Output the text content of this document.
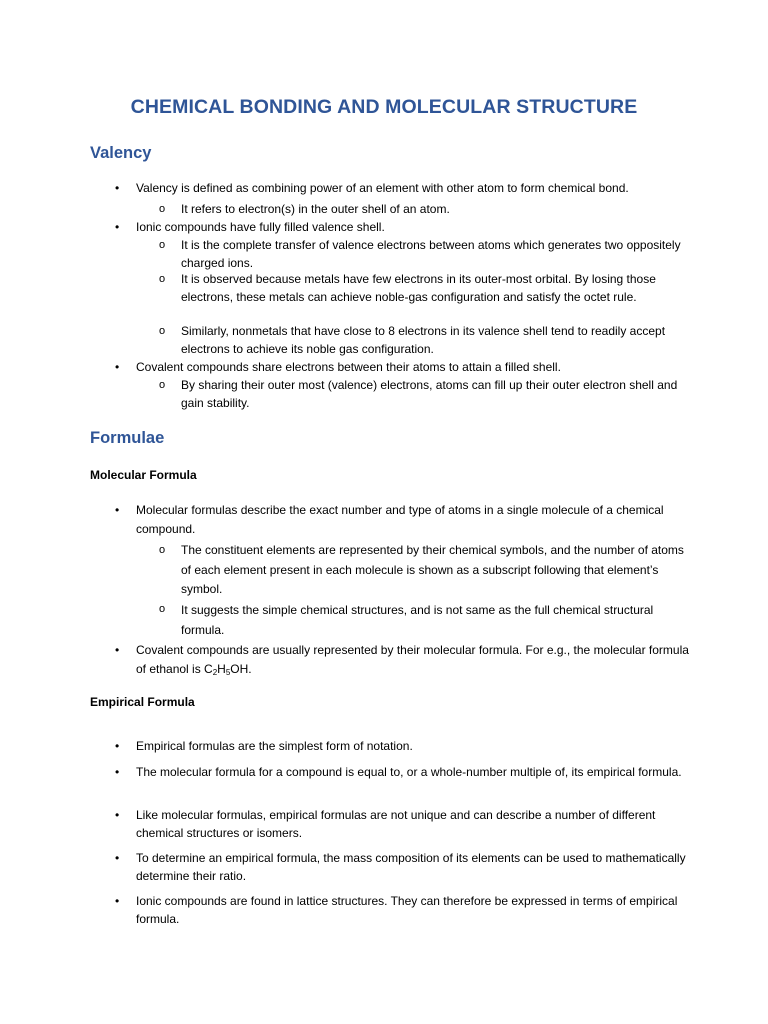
CHEMICAL BONDING AND MOLECULAR STRUCTURE
Valency
• Valency is defined as combining power of an element with other atom to form chemical bond.

o It refers to electron(s) in the outer shell of an atom.

• Ionic compounds have fully filled valence shell.

o It is the complete transfer of valence electrons between atoms which generates two oppositely charged ions.

o It is observed because metals have few electrons in its outer-most orbital. By losing those electrons, these metals can achieve noble-gas configuration and satisfy the octet rule.

o Similarly, nonmetals that have close to 8 electrons in its valence shell tend to readily accept electrons to achieve its noble gas configuration.

• Covalent compounds share electrons between their atoms to attain a filled shell.

o By sharing their outer most (valence) electrons, atoms can fill up their outer electron shell and gain stability.

Formulae
Molecular Formula
• Molecular formulas describe the exact number and type of atoms in a single molecule of a chemical compound.

o The constituent elements are represented by their chemical symbols, and the number of atoms of each element present in each molecule is shown as a subscript following that element’s symbol.

o It suggests the simple chemical structures, and is not same as the full chemical structural formula.

• Covalent compounds are usually represented by their molecular formula. For e.g., the molecular formula of ethanol is $C_2H_5OH$.

Empirical Formula
• Empirical formulas are the simplest form of notation.

• The molecular formula for a compound is equal to, or a whole-number multiple of, its empirical formula.

• Like molecular formulas, empirical formulas are not unique and can describe a number of different chemical structures or isomers.

• To determine an empirical formula, the mass composition of its elements can be used to mathematically determine their ratio.

• Ionic compounds are found in lattice structures. They can therefore be expressed in terms of empirical formula.
